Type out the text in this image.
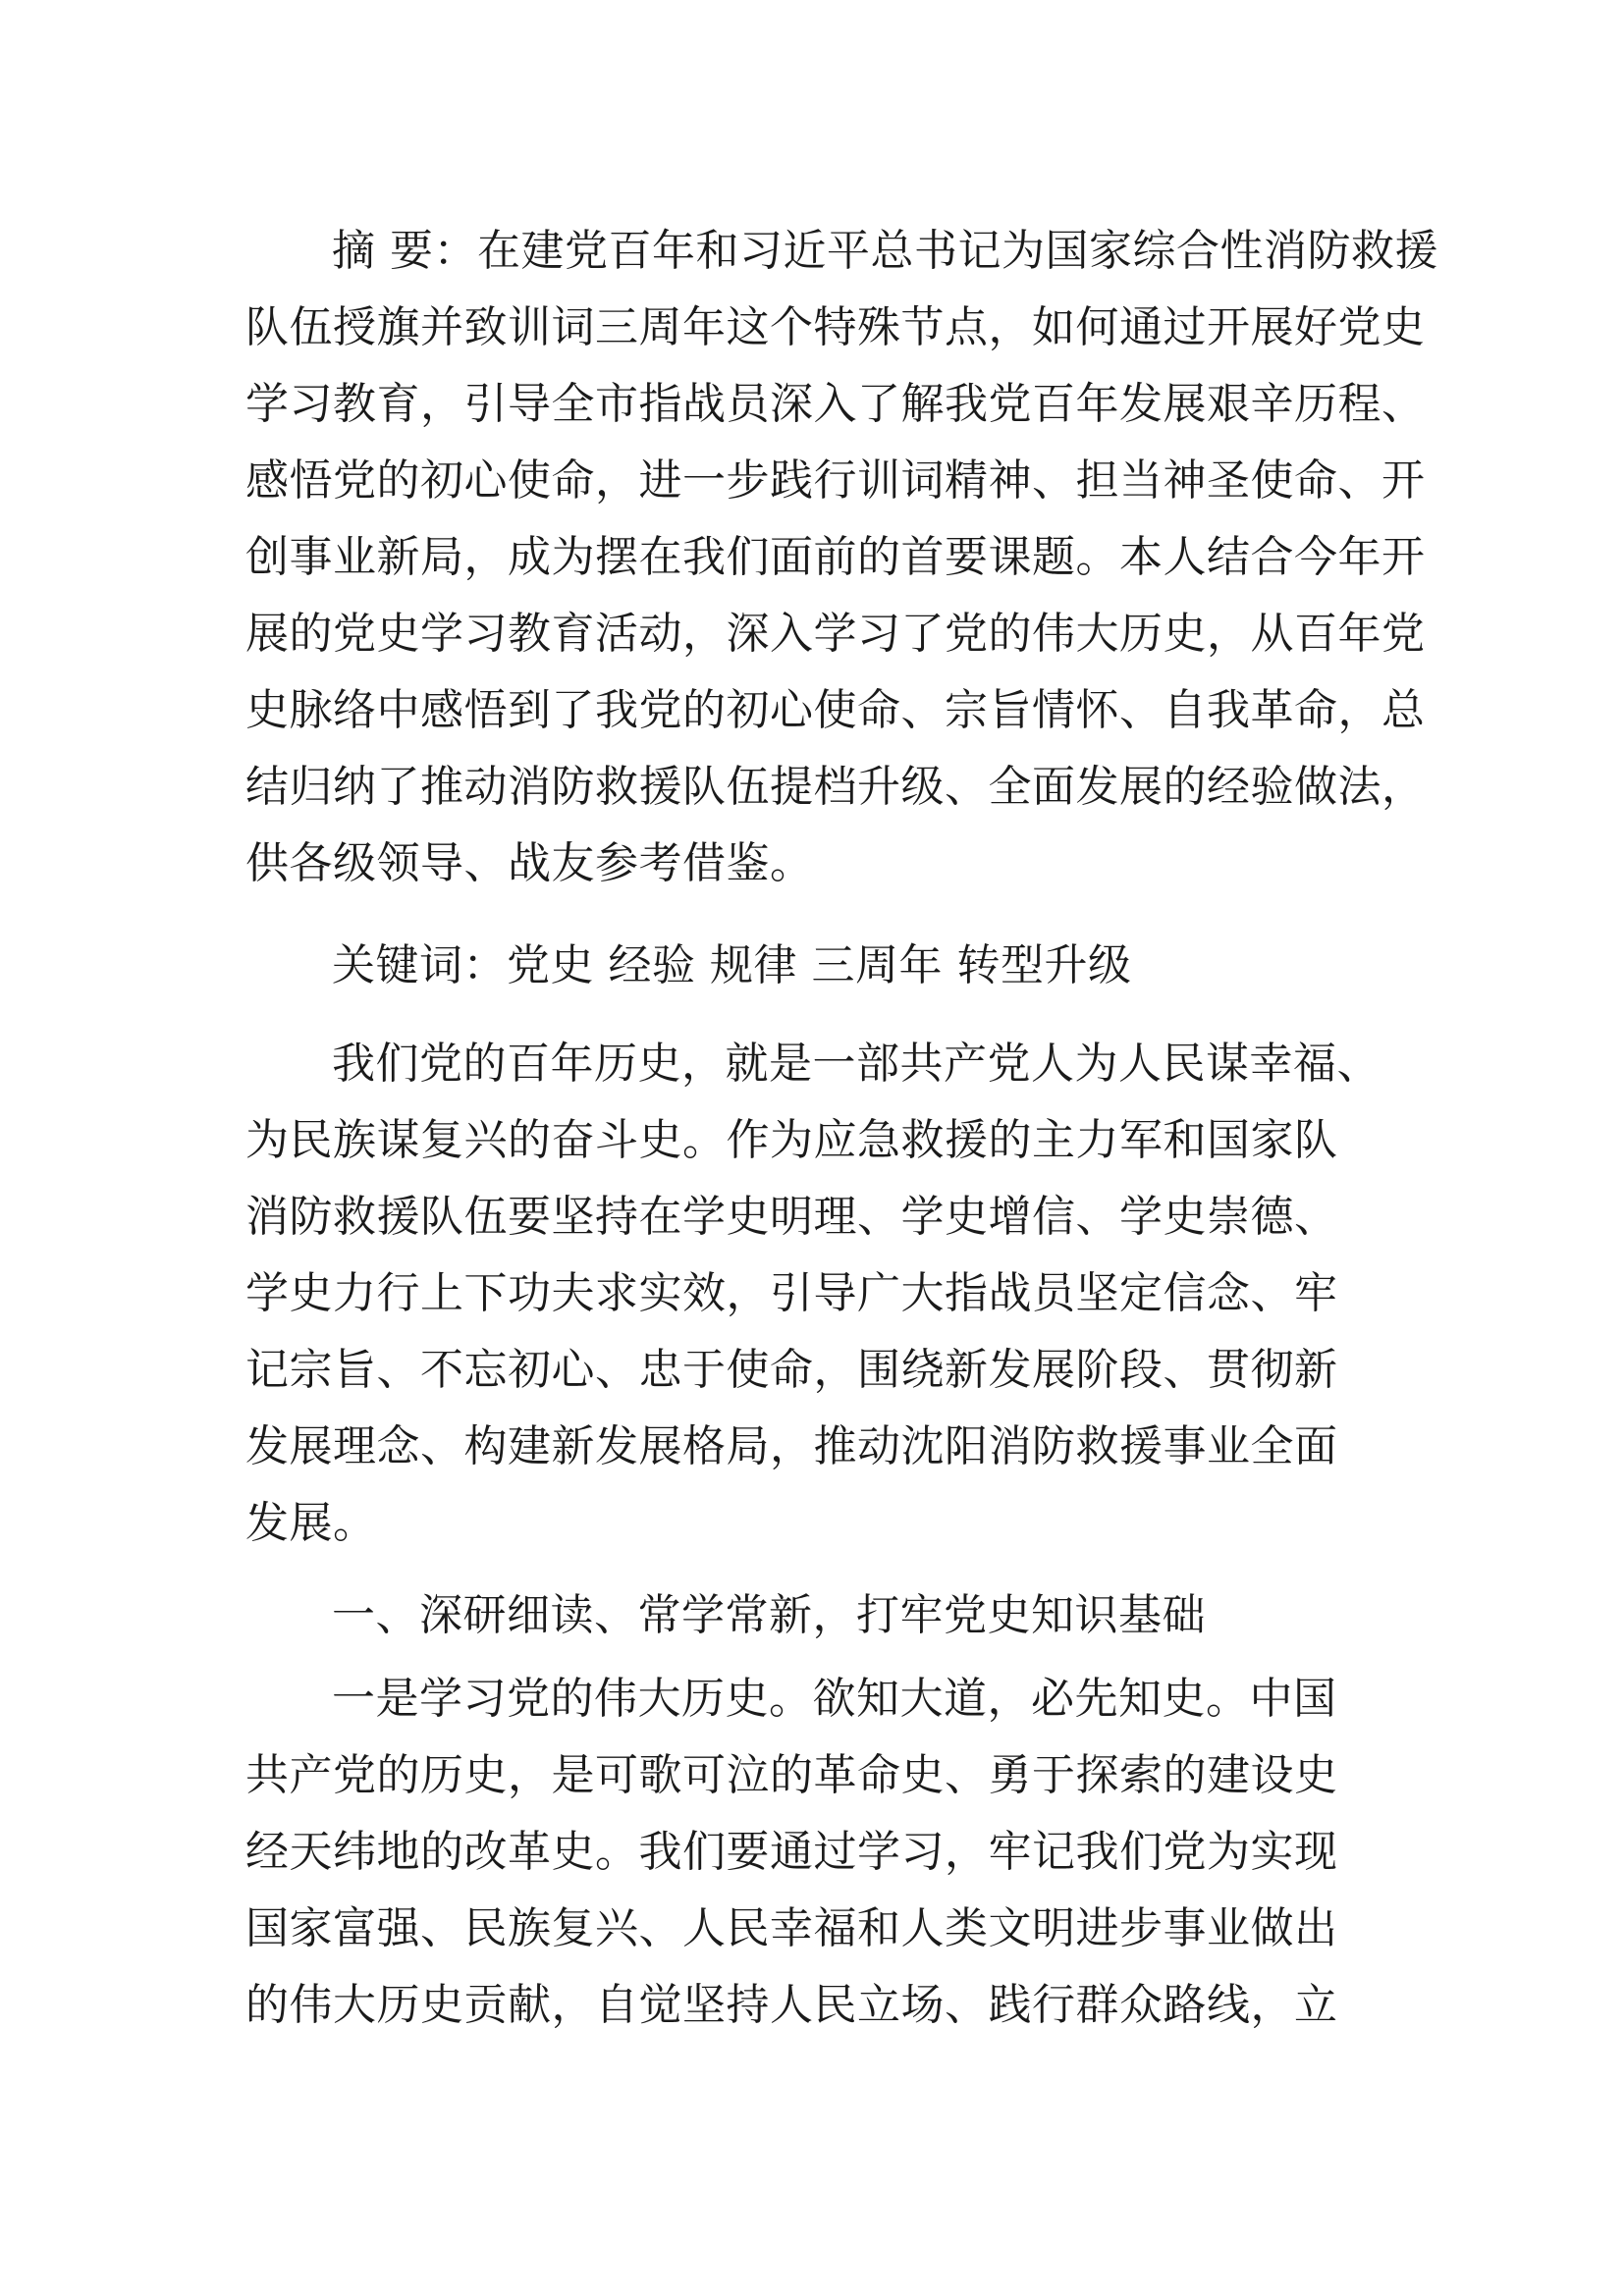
摘 要：在建党百年和习近平总书记为国家综合性消防救援
队伍授旗并致训词三周年这个特殊节点，如何通过开展好党史
学习教育，引导全市指战员深入了解我党百年发展艰辛历程、
感悟党的初心使命，进一步践行训词精神、担当神圣使命、开
创事业新局，成为摆在我们面前的首要课题。本人结合今年开
展的党史学习教育活动，深入学习了党的伟大历史，从百年党
史脉络中感悟到了我党的初心使命、宗旨情怀、自我革命，总
结归纳了推动消防救援队伍提档升级、全面发展的经验做法，
供各级领导、战友参考借鉴。
关键词：党史 经验 规律 三周年 转型升级
我们党的百年历史，就是一部共产党人为人民谋幸福、
为民族谋复兴的奋斗史。作为应急救援的主力军和国家队
消防救援队伍要坚持在学史明理、学史增信、学史崇德、
学史力行上下功夫求实效，引导广大指战员坚定信念、牢
记宗旨、不忘初心、忠于使命，围绕新发展阶段、贯彻新
发展理念、构建新发展格局，推动沈阳消防救援事业全面
发展。
一、深研细读、常学常新，打牢党史知识基础
一是学习党的伟大历史。欲知大道，必先知史。中国
共产党的历史，是可歌可泣的革命史、勇于探索的建设史
经天纬地的改革史。我们要通过学习，牢记我们党为实现
国家富强、民族复兴、人民幸福和人类文明进步事业做出
的伟大历史贡献，自觉坚持人民立场、践行群众路线，立
